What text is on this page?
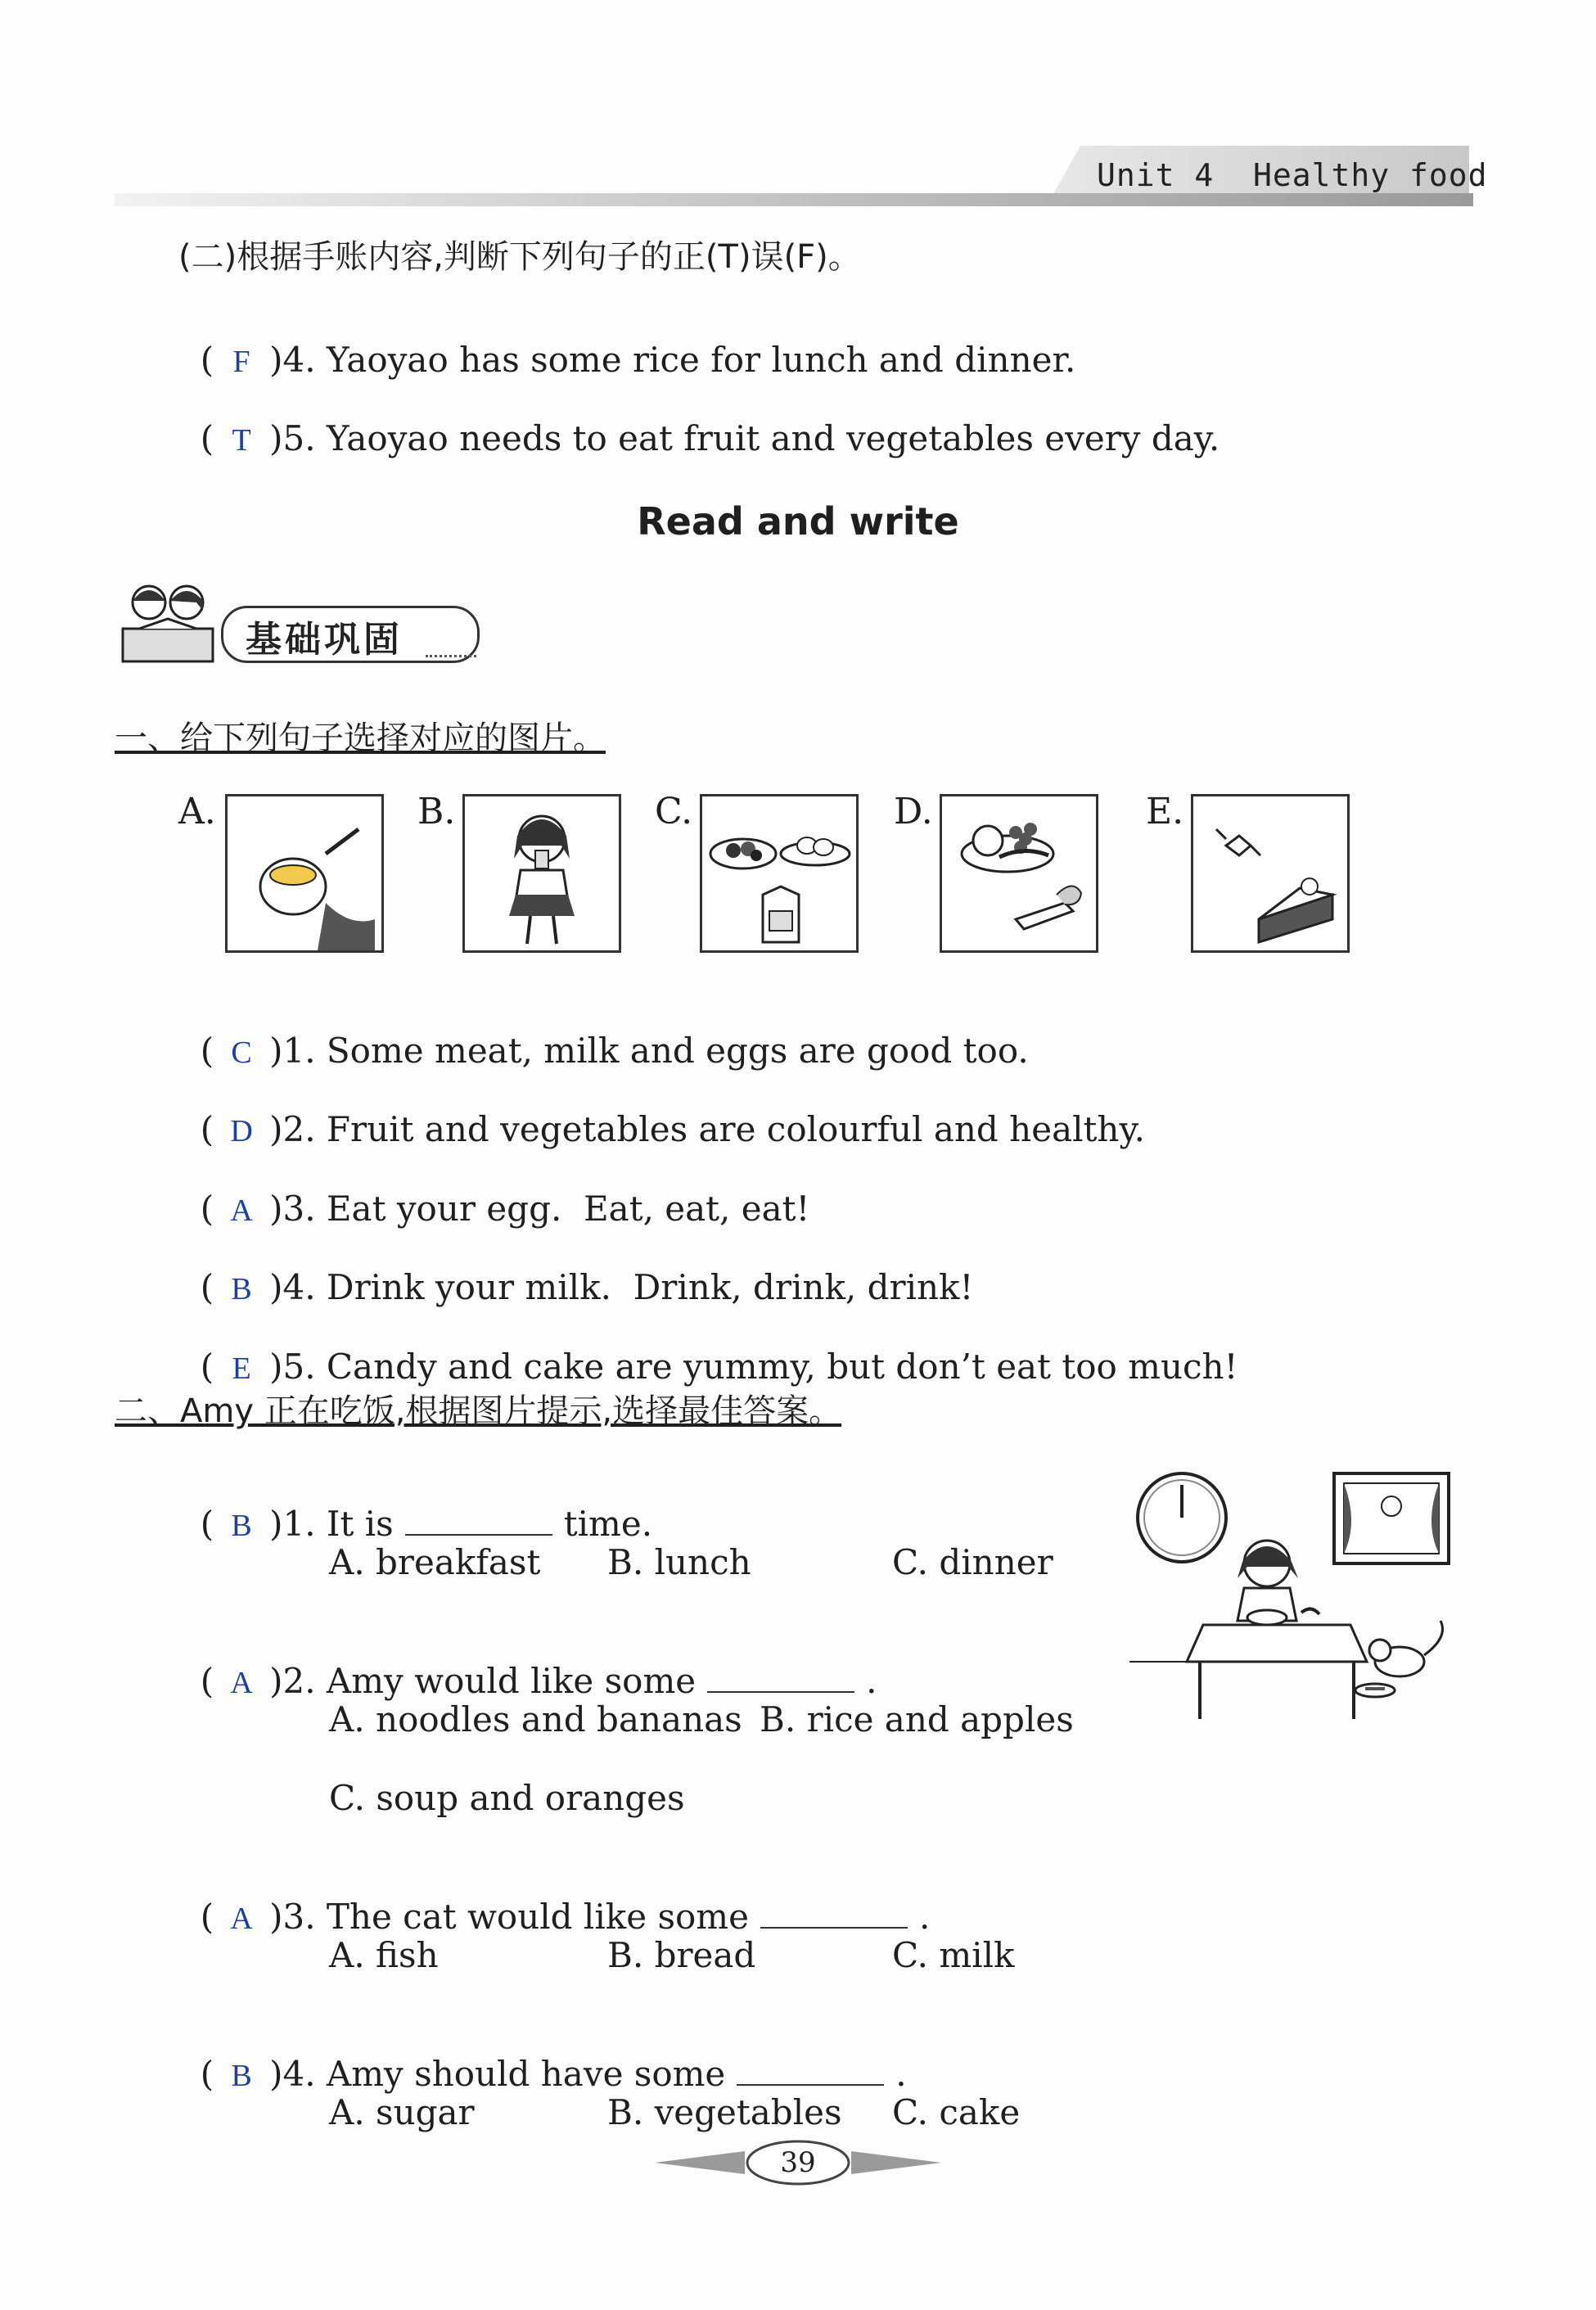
Unit 4  Healthy food
(二)根据手账内容,判断下列句子的正(T)误(F)。

( F )4. Yaoyao has some rice for lunch and dinner.

( T )5. Yaoyao needs to eat fruit and vegetables every day.

Read and write
基础巩固
一、给下列句子选择对应的图片。
A.	B.	C.	D.	E.

( C )1. Some meat, milk and eggs are good too.

( D )2. Fruit and vegetables are colourful and healthy.

( A )3. Eat your egg.  Eat, eat, eat!

( B )4. Drink your milk.  Drink, drink, drink!

( E )5. Candy and cake are yummy, but don’t eat too much!

二、Amy 正在吃饭,根据图片提示,选择最佳答案。

( B )1. It is	time.

A. breakfast B. lunch	C. dinner

( A )2. Amy would like some	.

A. noodles and bananas B. rice and apples
C. soup and oranges

( A )3. The cat would like some	.

A. fish	B. bread	C. milk

( B )4. Amy should have some	.

A. sugar	B. vegetables C. cake
39
